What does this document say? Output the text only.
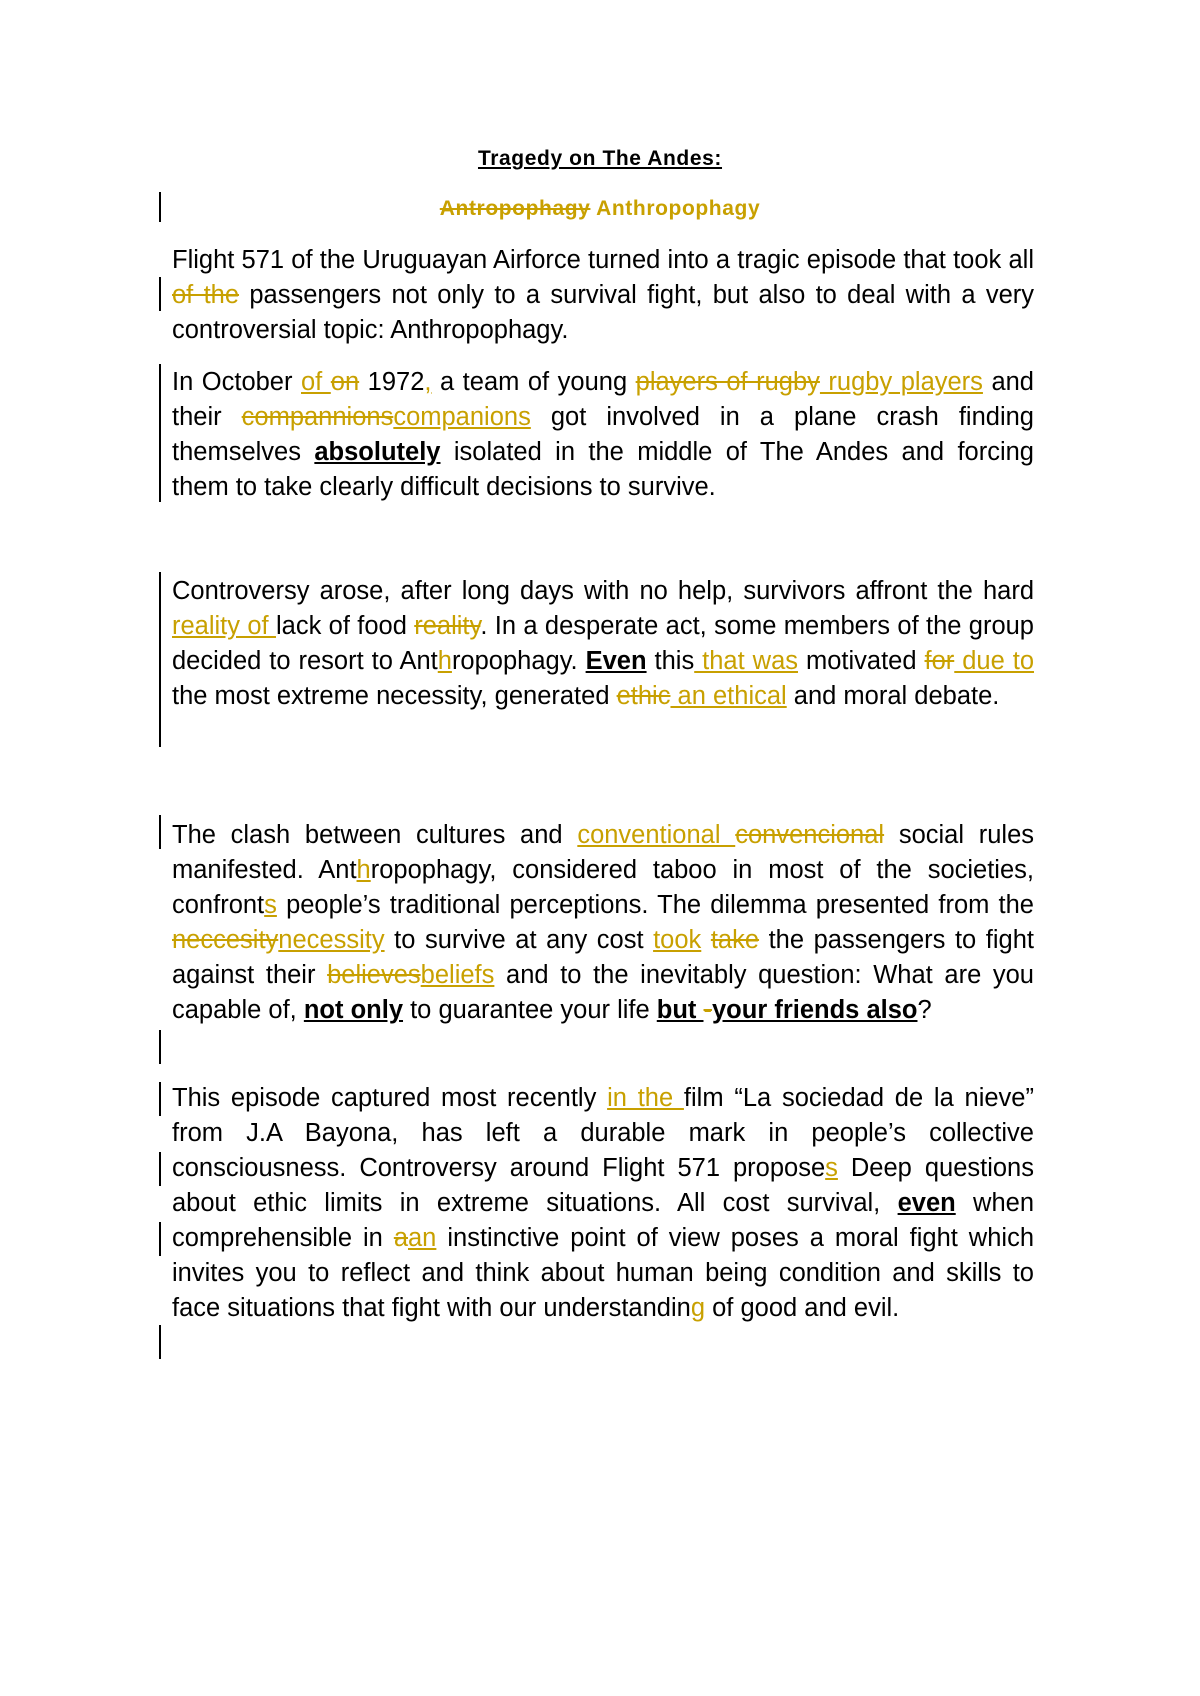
Tragedy on The Andes:
Antropophagy Anthropophagy

Flight 571 of the Uruguayan Airforce turned into a tragic episode that took all of the passengers not only to a survival fight, but also to deal with a very controversial topic: Anthropophagy.

In October of on 1972, a team of young players of rugby rugby players and their compannionscompanions got involved in a plane crash finding themselves absolutely isolated in the middle of The Andes and forcing them to take clearly difficult decisions to survive.

Controversy arose, after long days with no help, survivors affront the hard reality of lack of food reality. In a desperate act, some members of the group decided to resort to Anthropophagy. Even this that was motivated for due to the most extreme necessity, generated ethic an ethical and moral debate.

The clash between cultures and conventional convencional social rules manifested. Anthropophagy, considered taboo in most of the societies, confronts people’s traditional perceptions. The dilemma presented from the neccesitynecessity to survive at any cost took take the passengers to fight against their believesbeliefs and to the inevitably question: What are you capable of, not only to guarantee your life but -your friends also?

This episode captured most recently in the film “La sociedad de la nieve” from J.A Bayona, has left a durable mark in people’s collective consciousness. Controversy around Flight 571 proposes Deep questions about ethic limits in extreme situations. All cost survival, even when comprehensible in aan instinctive point of view poses a moral fight which invites you to reflect and think about human being condition and skills to face situations that fight with our understanding of good and evil.
